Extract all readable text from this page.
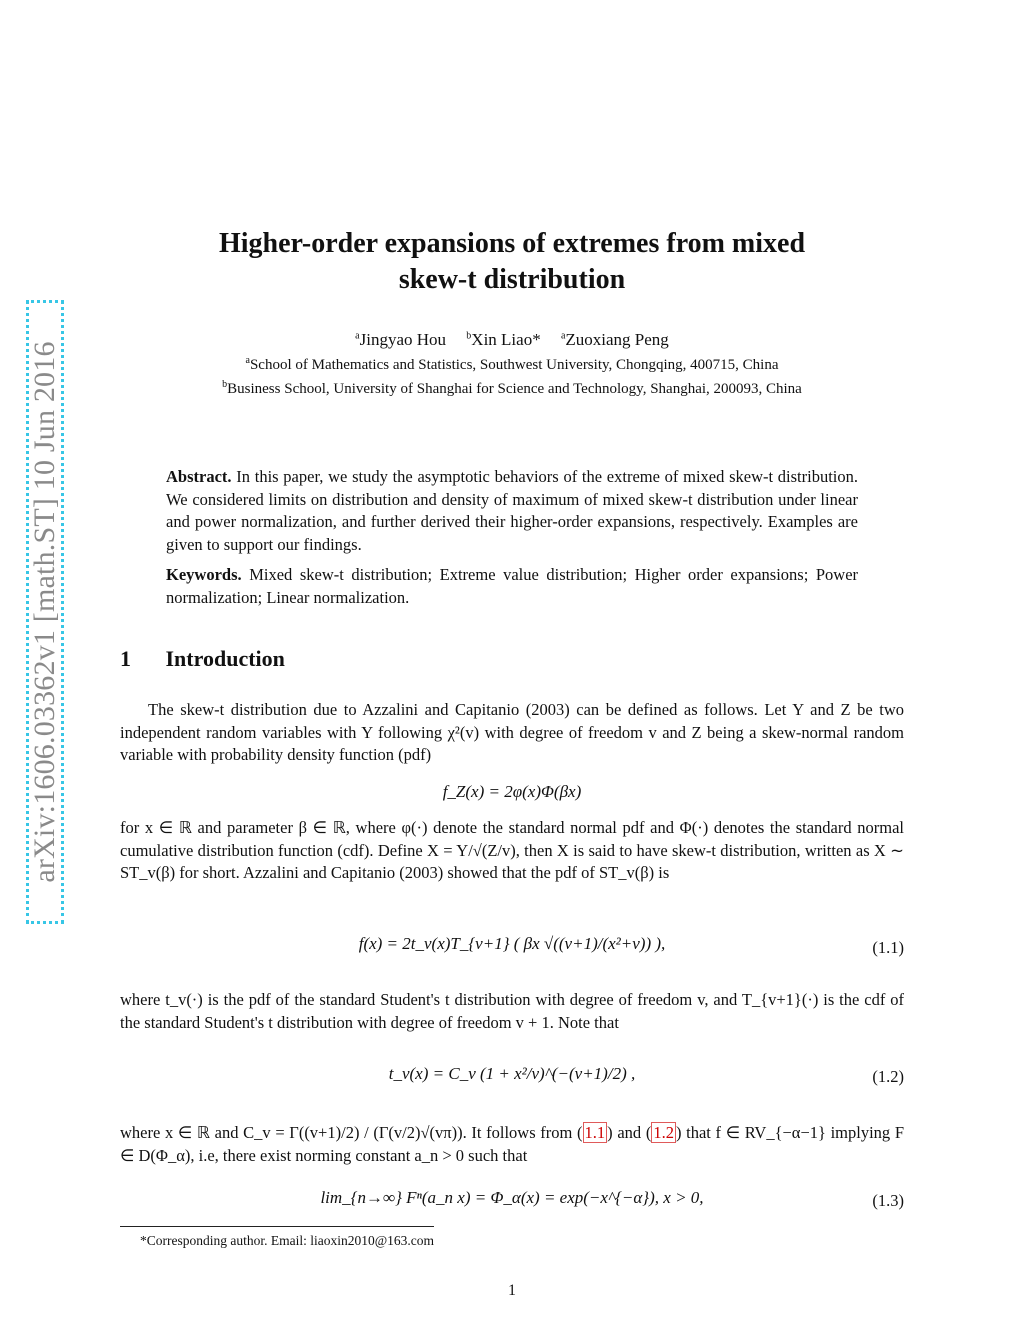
arXiv:1606.03362v1 [math.ST] 10 Jun 2016
Higher-order expansions of extremes from mixed
skew-t distribution
$^a$Jingyao Hou $^b$Xin Liao* $^a$Zuoxiang Peng
$^a$School of Mathematics and Statistics, Southwest University, Chongqing, 400715, China
$^b$Business School, University of Shanghai for Science and Technology, Shanghai, 200093, China
Abstract. In this paper, we study the asymptotic behaviors of the extreme of mixed skew-t distribution. We considered limits on distribution and density of maximum of mixed skew-t distribution under linear and power normalization, and further derived their higher-order expansions, respectively. Examples are given to support our findings.
Keywords. Mixed skew-t distribution; Extreme value distribution; Higher order expansions; Power normalization; Linear normalization.
1 Introduction
The skew-t distribution due to Azzalini and Capitanio (2003) can be defined as follows. Let Y and Z be two independent random variables with Y following χ²(v) with degree of freedom v and Z being a skew-normal random variable with probability density function (pdf)
f_Z(x) = 2φ(x)Φ(βx)
for x ∈ ℝ and parameter β ∈ ℝ, where φ(·) denote the standard normal pdf and Φ(·) denotes the standard normal cumulative distribution function (cdf). Define X = Y/√(Z/v), then X is said to have skew-t distribution, written as X ∼ ST_v(β) for short. Azzalini and Capitanio (2003) showed that the pdf of ST_v(β) is
f(x) = 2t_v(x)T_{v+1} ( βx √((v+1)/(x²+v)) ),	(1.1)
where t_v(·) is the pdf of the standard Student's t distribution with degree of freedom v, and T_{v+1}(·) is the cdf of the standard Student's t distribution with degree of freedom v + 1. Note that
t_v(x) = C_v (1 + x²/v)^(−(v+1)/2) ,	(1.2)
where x ∈ ℝ and C_v = Γ((v+1)/2) / (Γ(v/2)√(vπ)). It follows from ( 1.1 ) and ( 1.2 ) that f ∈ RV_{−α−1} implying F ∈ D(Φ_α), i.e, there exist norming constant a_n > 0 such that
lim_{n→∞} Fⁿ(a_n x) = Φ_α(x) = exp(−x^{−α}), x > 0,	(1.3)
*Corresponding author. Email: liaoxin2010@163.com
1
